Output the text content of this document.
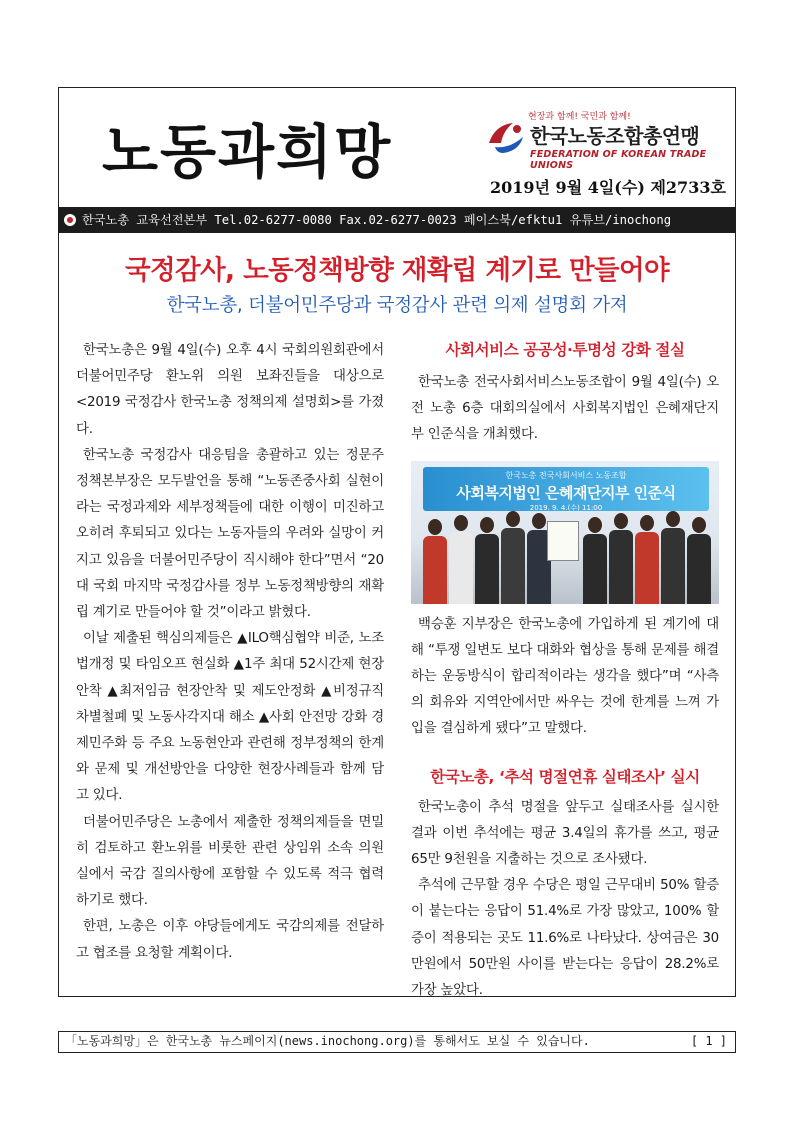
노동과희망
현장과 함께! 국민과 함께!
한국노동조합총연맹
FEDERATION OF KOREAN TRADE UNIONS
2019년 9월 4일(수) 제2733호
한국노총 교육선전본부 Tel.02-6277-0080 Fax.02-6277-0023 페이스북/efktu1 유튜브/inochong
국정감사, 노동정책방향 재확립 계기로 만들어야
한국노총, 더불어민주당과 국정감사 관련 의제 설명회 가져

한국노총은 9월 4일(수) 오후 4시 국회의원회관에서 더불어민주당 환노위 의원 보좌진들을 대상으로 <2019 국정감사 한국노총 정책의제 설명회>를 가졌다.

한국노총 국정감사 대응팀을 총괄하고 있는 정문주 정책본부장은 모두발언을 통해 “노동존중사회 실현이라는 국정과제와 세부정책들에 대한 이행이 미진하고 오히려 후퇴되고 있다는 노동자들의 우려와 실망이 커지고 있음을 더불어민주당이 직시해야 한다”면서 “20대 국회 마지막 국정감사를 정부 노동정책방향의 재확립 계기로 만들어야 할 것”이라고 밝혔다.

이날 제출된 핵심의제들은 ▲ILO핵심협약 비준, 노조법개정 및 타임오프 현실화 ▲1주 최대 52시간제 현장안착 ▲최저임금 현장안착 및 제도안정화 ▲비정규직 차별철폐 및 노동사각지대 해소 ▲사회 안전망 강화 경제민주화 등 주요 노동현안과 관련해 정부정책의 한계와 문제 및 개선방안을 다양한 현장사례들과 함께 담고 있다.

더불어민주당은 노총에서 제출한 정책의제들을 면밀히 검토하고 환노위를 비롯한 관련 상임위 소속 의원실에서 국감 질의사항에 포함할 수 있도록 적극 협력하기로 했다.

한편, 노총은 이후 야당들에게도 국감의제를 전달하고 협조를 요청할 계획이다.

사회서비스 공공성·투명성 강화 절실

한국노총 전국사회서비스노동조합이 9월 4일(수) 오전 노총 6층 대회의실에서 사회복지법인 은혜재단지부 인준식을 개최했다.

한국노총 전국사회서비스 노동조합
사회복지법인 은혜재단지부 인준식
2019. 9. 4.(수) 11:00

백승훈 지부장은 한국노총에 가입하게 된 계기에 대해 “투쟁 일변도 보다 대화와 협상을 통해 문제를 해결하는 운동방식이 합리적이라는 생각을 했다”며 “사측의 회유와 지역안에서만 싸우는 것에 한계를 느껴 가입을 결심하게 됐다”고 말했다.

한국노총, ‘추석 명절연휴 실태조사’ 실시

한국노총이 추석 명절을 앞두고 실태조사를 실시한 결과 이번 추석에는 평균 3.4일의 휴가를 쓰고, 평균 65만 9천원을 지출하는 것으로 조사됐다.

추석에 근무할 경우 수당은 평일 근무대비 50% 할증이 붙는다는 응답이 51.4%로 가장 많았고, 100% 할증이 적용되는 곳도 11.6%로 나타났다. 상여금은 30만원에서 50만원 사이를 받는다는 응답이 28.2%로 가장 높았다.

「노동과희망」은 한국노총 뉴스페이지(news.inochong.org)를 통해서도 보실 수 있습니다.	[ 1 ]
